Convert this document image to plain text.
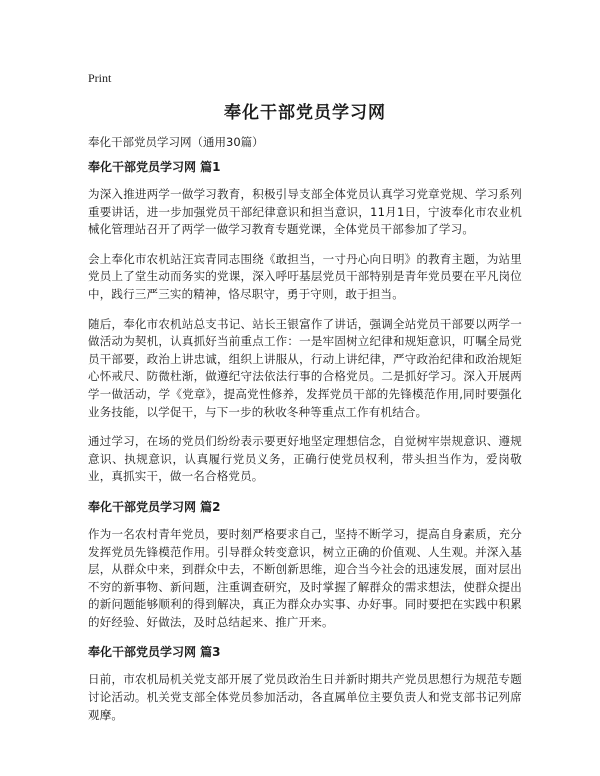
Print
奉化干部党员学习网
奉化干部党员学习网（通用30篇）
奉化干部党员学习网 篇1

为深入推进两学一做学习教育，积极引导支部全体党员认真学习党章党规、学习系列重要讲话，进一步加强党员干部纪律意识和担当意识，11月1日，宁波奉化市农业机械化管理站召开了两学一做学习教育专题党课，全体党员干部参加了学习。

会上奉化市农机站汪宾青同志围绕《敢担当，一寸丹心向日明》的教育主题，为站里党员上了堂生动而务实的党课，深入呼吁基层党员干部特别是青年党员要在平凡岗位中，践行三严三实的精神，恪尽职守，勇于守则，敢于担当。

随后，奉化市农机站总支书记、站长王银富作了讲话，强调全站党员干部要以两学一做活动为契机，认真抓好当前重点工作：一是牢固树立纪律和规矩意识，叮嘱全局党员干部要，政治上讲忠诚，组织上讲服从，行动上讲纪律，严守政治纪律和政治规矩心怀戒尺、防微杜渐，做遵纪守法依法行事的合格党员。二是抓好学习。深入开展两学一做活动，学《党章》，提高党性修养，发挥党员干部的先锋模范作用,同时要强化业务技能，以学促干，与下一步的秋收冬种等重点工作有机结合。

通过学习，在场的党员们纷纷表示要更好地坚定理想信念，自觉树牢崇规意识、遵规意识、执规意识，认真履行党员义务，正确行使党员权利，带头担当作为，爱岗敬业，真抓实干，做一名合格党员。

奉化干部党员学习网 篇2

作为一名农村青年党员，要时刻严格要求自己，坚持不断学习，提高自身素质，充分发挥党员先锋模范作用。引导群众转变意识，树立正确的价值观、人生观。并深入基层，从群众中来，到群众中去，不断创新思维，迎合当今社会的迅速发展，面对层出不穷的新事物、新问题，注重调查研究，及时掌握了解群众的需求想法，使群众提出的新问题能够顺利的得到解决，真正为群众办实事、办好事。同时要把在实践中积累的好经验、好做法，及时总结起来、推广开来。

奉化干部党员学习网 篇3

日前，市农机局机关党支部开展了党员政治生日并新时期共产党员思想行为规范专题讨论活动。机关党支部全体党员参加活动，各直属单位主要负责人和党支部书记列席观摩。
